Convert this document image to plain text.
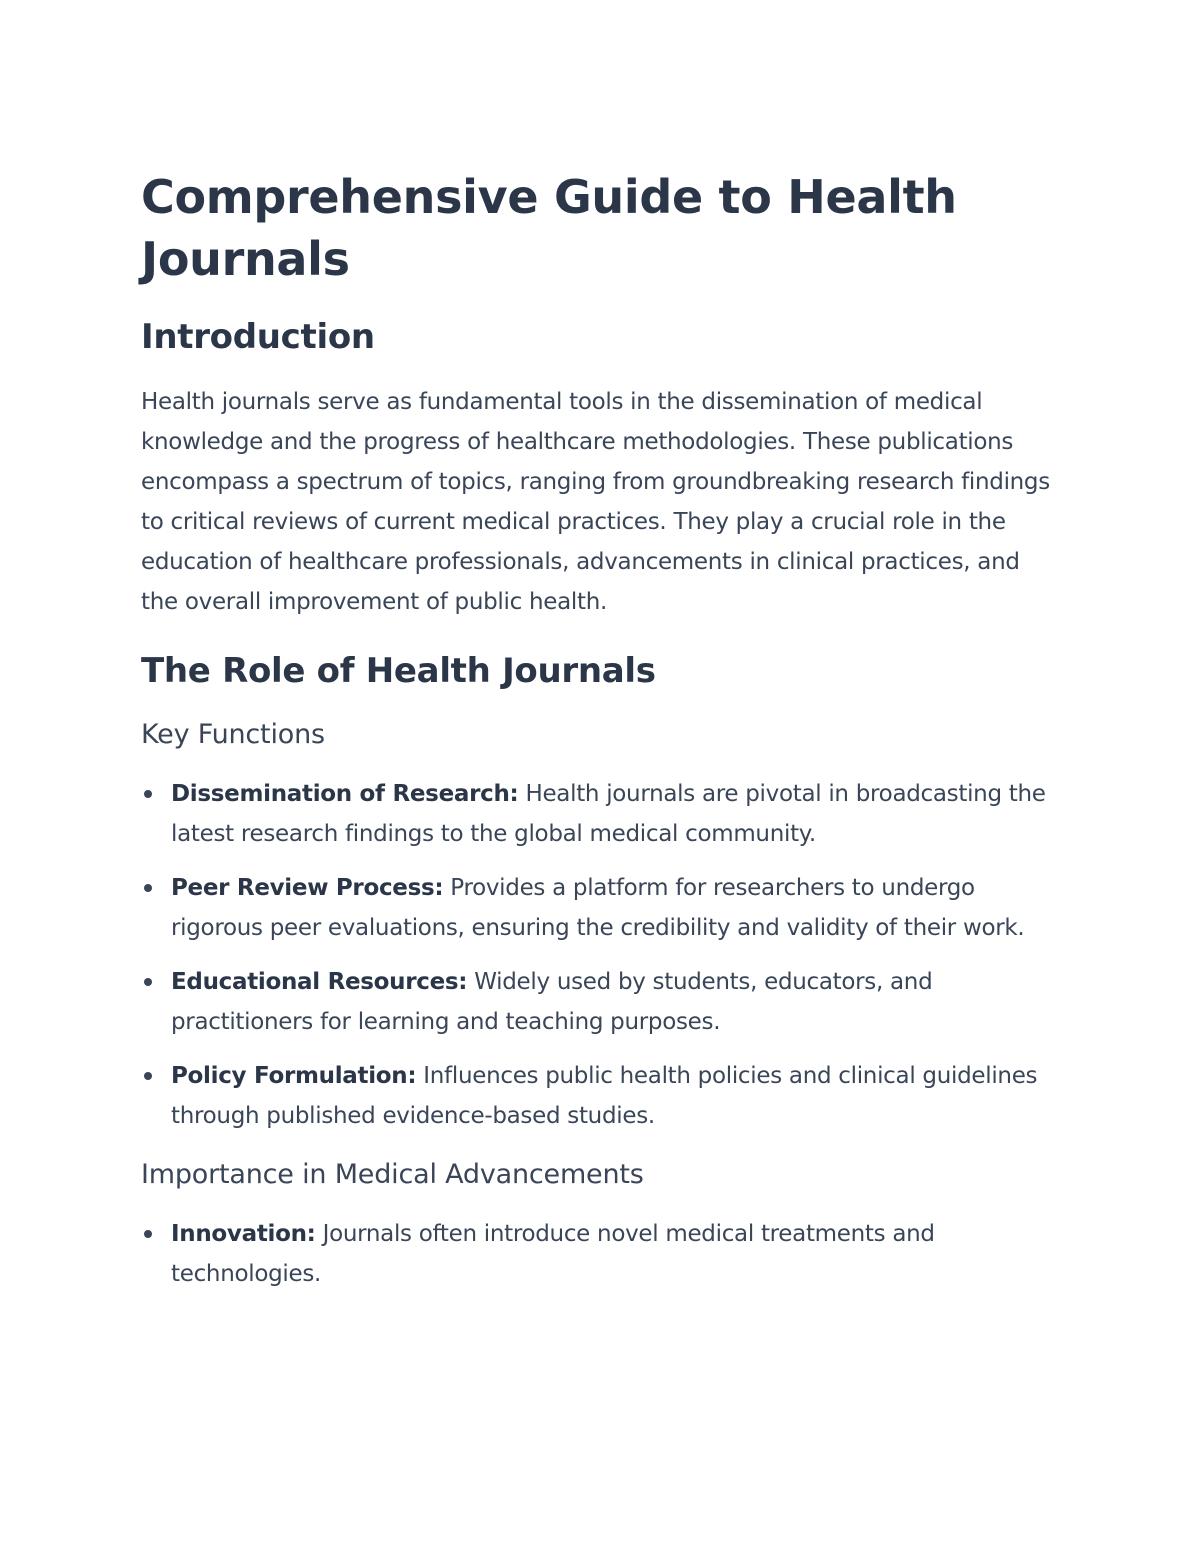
Comprehensive Guide to Health Journals
Introduction

Health journals serve as fundamental tools in the dissemination of medical knowledge and the progress of healthcare methodologies. These publications encompass a spectrum of topics, ranging from groundbreaking research findings to critical reviews of current medical practices. They play a crucial role in the education of healthcare professionals, advancements in clinical practices, and the overall improvement of public health.

The Role of Health Journals
Key Functions
Dissemination of Research: Health journals are pivotal in broadcasting the latest research findings to the global medical community.
Peer Review Process: Provides a platform for researchers to undergo rigorous peer evaluations, ensuring the credibility and validity of their work.
Educational Resources: Widely used by students, educators, and practitioners for learning and teaching purposes.
Policy Formulation: Influences public health policies and clinical guidelines through published evidence-based studies.
Importance in Medical Advancements
Innovation: Journals often introduce novel medical treatments and technologies.
